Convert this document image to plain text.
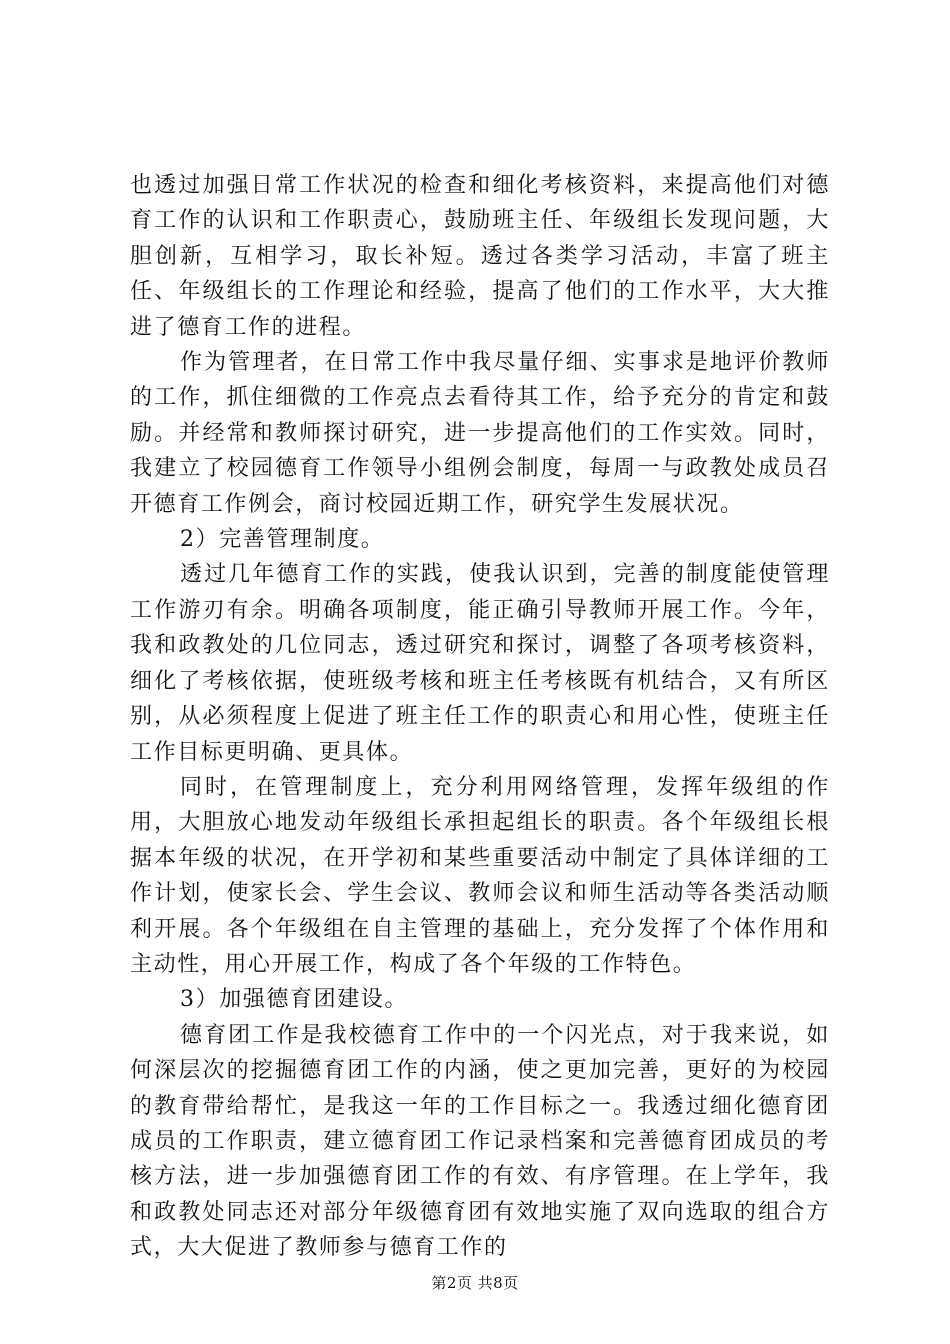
也透过加强日常工作状况的检查和细化考核资料，来提高他们对德育工作的认识和工作职责心，鼓励班主任、年级组长发现问题，大胆创新，互相学习，取长补短。透过各类学习活动，丰富了班主任、年级组长的工作理论和经验，提高了他们的工作水平，大大推进了德育工作的进程。

作为管理者，在日常工作中我尽量仔细、实事求是地评价教师的工作，抓住细微的工作亮点去看待其工作，给予充分的肯定和鼓励。并经常和教师探讨研究，进一步提高他们的工作实效。同时，我建立了校园德育工作领导小组例会制度，每周一与政教处成员召开德育工作例会，商讨校园近期工作，研究学生发展状况。

2）完善管理制度。

透过几年德育工作的实践，使我认识到，完善的制度能使管理工作游刃有余。明确各项制度，能正确引导教师开展工作。今年，我和政教处的几位同志，透过研究和探讨，调整了各项考核资料，细化了考核依据，使班级考核和班主任考核既有机结合，又有所区别，从必须程度上促进了班主任工作的职责心和用心性，使班主任工作目标更明确、更具体。

同时，在管理制度上，充分利用网络管理，发挥年级组的作用，大胆放心地发动年级组长承担起组长的职责。各个年级组长根据本年级的状况，在开学初和某些重要活动中制定了具体详细的工作计划，使家长会、学生会议、教师会议和师生活动等各类活动顺利开展。各个年级组在自主管理的基础上，充分发挥了个体作用和主动性，用心开展工作，构成了各个年级的工作特色。

3）加强德育团建设。

德育团工作是我校德育工作中的一个闪光点，对于我来说，如何深层次的挖掘德育团工作的内涵，使之更加完善，更好的为校园的教育带给帮忙，是我这一年的工作目标之一。我透过细化德育团成员的工作职责，建立德育团工作记录档案和完善德育团成员的考核方法，进一步加强德育团工作的有效、有序管理。在上学年，我和政教处同志还对部分年级德育团有效地实施了双向选取的组合方式，大大促进了教师参与德育工作的

第2页 共8页
